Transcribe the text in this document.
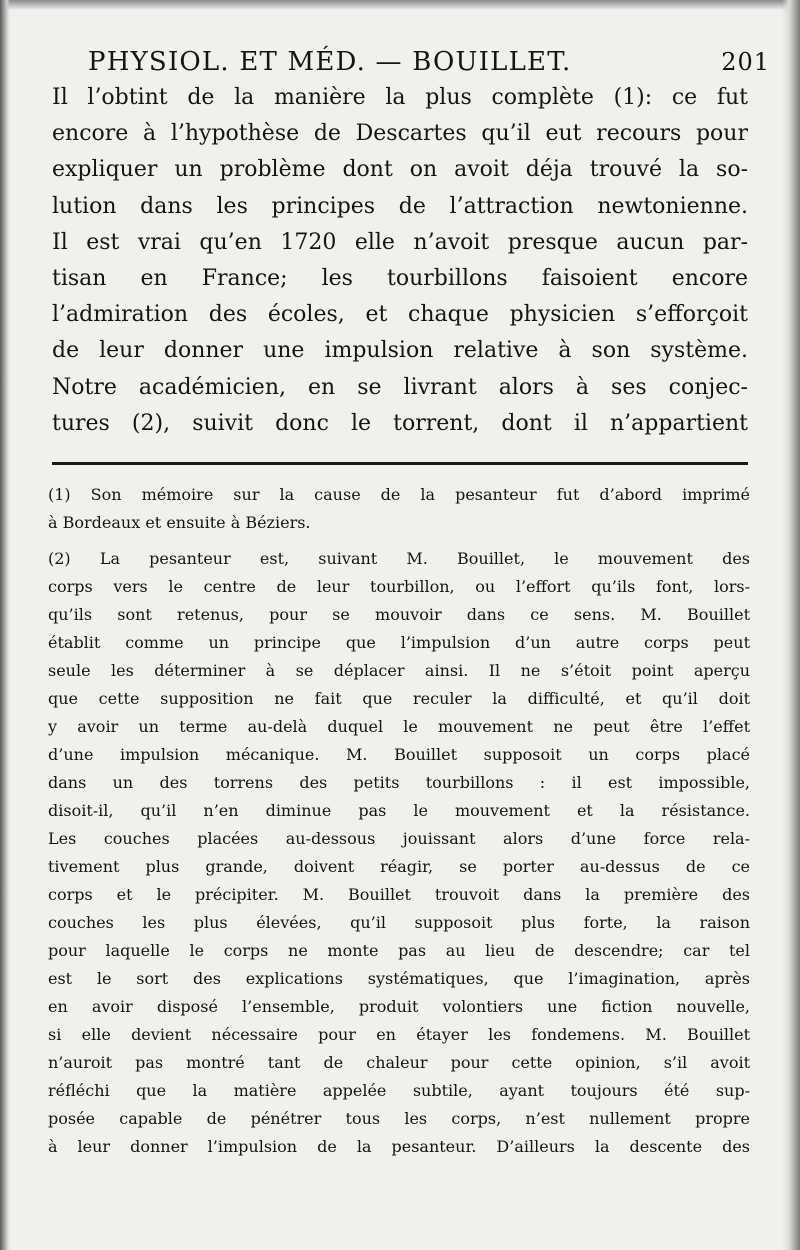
PHYSIOL. ET MÉD. — BOUILLET.	201
Il l’obtint de la manière la plus complète (1): ce fut
encore à l’hypothèse de Descartes qu’il eut recours pour
expliquer un problème dont on avoit déja trouvé la so-
lution dans les principes de l’attraction newtonienne.
Il est vrai qu’en 1720 elle n’avoit presque aucun par-
tisan en France; les tourbillons faisoient encore
l’admiration des écoles, et chaque physicien s’efforçoit
de leur donner une impulsion relative à son système.
Notre académicien, en se livrant alors à ses conjec-
tures (2), suivit donc le torrent, dont il n’appartient
(1) Son mémoire sur la cause de la pesanteur fut d’abord imprimé
à Bordeaux et ensuite à Béziers.
(2) La pesanteur est, suivant M. Bouillet, le mouvement des
corps vers le centre de leur tourbillon, ou l’effort qu’ils font, lors-
qu’ils sont retenus, pour se mouvoir dans ce sens. M. Bouillet
établit comme un principe que l’impulsion d’un autre corps peut
seule les déterminer à se déplacer ainsi. Il ne s’étoit point aperçu
que cette supposition ne fait que reculer la difficulté, et qu’il doit
y avoir un terme au-delà duquel le mouvement ne peut être l’effet
d’une impulsion mécanique. M. Bouillet supposoit un corps placé
dans un des torrens des petits tourbillons : il est impossible,
disoit-il, qu’il n’en diminue pas le mouvement et la résistance.
Les couches placées au-dessous jouissant alors d’une force rela-
tivement plus grande, doivent réagir, se porter au-dessus de ce
corps et le précipiter. M. Bouillet trouvoit dans la première des
couches les plus élevées, qu’il supposoit plus forte, la raison
pour laquelle le corps ne monte pas au lieu de descendre; car tel
est le sort des explications systématiques, que l’imagination, après
en avoir disposé l’ensemble, produit volontiers une fiction nouvelle,
si elle devient nécessaire pour en étayer les fondemens. M. Bouillet
n’auroit pas montré tant de chaleur pour cette opinion, s’il avoit
réfléchi que la matière appelée subtile, ayant toujours été sup-
posée capable de pénétrer tous les corps, n’est nullement propre
à leur donner l’impulsion de la pesanteur. D’ailleurs la descente des
